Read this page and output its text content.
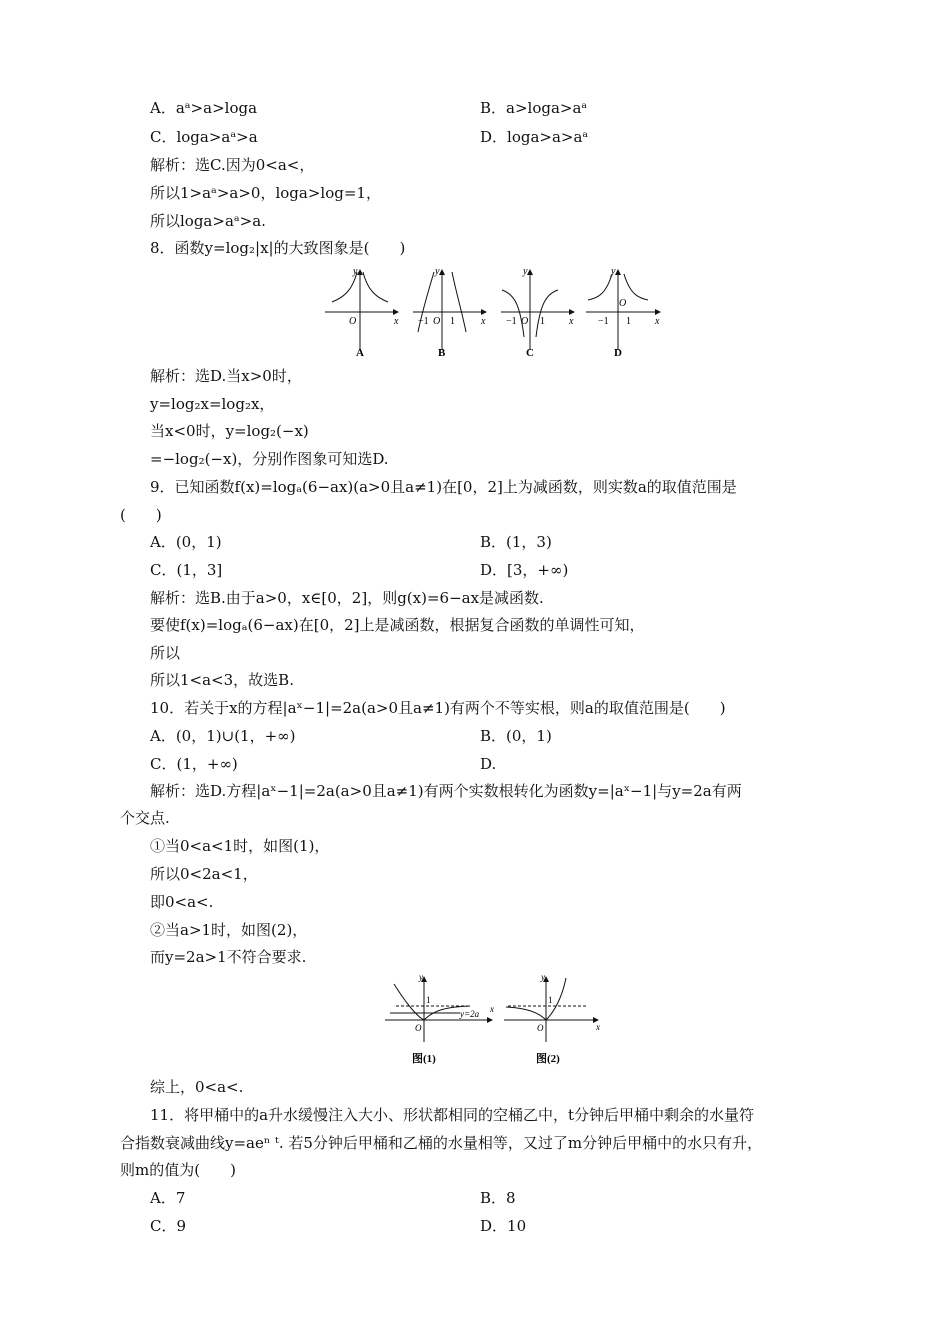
A．aᵃ>a>loga	B．a>loga>aᵃ
C．loga>aᵃ>a	D．loga>a>aᵃ
解析：选C.因为0<a<，
所以1>aᵃ>a>0，loga>log=1，
所以loga>aᵃ>a.
8．函数y=log₂|x|的大致图象是(　　)
y
x
O
A
y
x
−1 O 1
B
y
x
−1 O 1
C
y
x
−1
O
1
D
解析：选D.当x>0时，
y=log₂x=log₂x，
当x<0时，y=log₂(−x)
=−log₂(−x)，分别作图象可知选D.
9．已知函数f(x)=logₐ(6−ax)(a>0且a≠1)在[0，2]上为减函数，则实数a的取值范围是
(　　)
A．(0，1)	B．(1，3)
C．(1，3]	D．[3，+∞)
解析：选B.由于a>0，x∈[0，2]，则g(x)=6−ax是减函数.
要使f(x)=logₐ(6−ax)在[0，2]上是减函数，根据复合函数的单调性可知，
所以
所以1<a<3，故选B.
10．若关于x的方程|aˣ−1|=2a(a>0且a≠1)有两个不等实根，则a的取值范围是(　　)
A．(0，1)∪(1，+∞)	B．(0，1)
C．(1，+∞)	D.
解析：选D.方程|aˣ−1|=2a(a>0且a≠1)有两个实数根转化为函数y=|aˣ−1|与y=2a有两
个交点.
①当0<a<1时，如图(1)，
所以0<2a<1，
即0<a<.
②当a>1时，如图(2)，
而y=2a>1不符合要求.
y
x
1
O
y=2a
图(1)
y
x
1
O
图(2)
综上，0<a<.
11．将甲桶中的a升水缓慢注入大小、形状都相同的空桶乙中，t分钟后甲桶中剩余的水量符
合指数衰减曲线y=aeⁿ ᵗ. 若5分钟后甲桶和乙桶的水量相等，又过了m分钟后甲桶中的水只有升，
则m的值为(　　)
A．7	B．8
C．9	D．10
